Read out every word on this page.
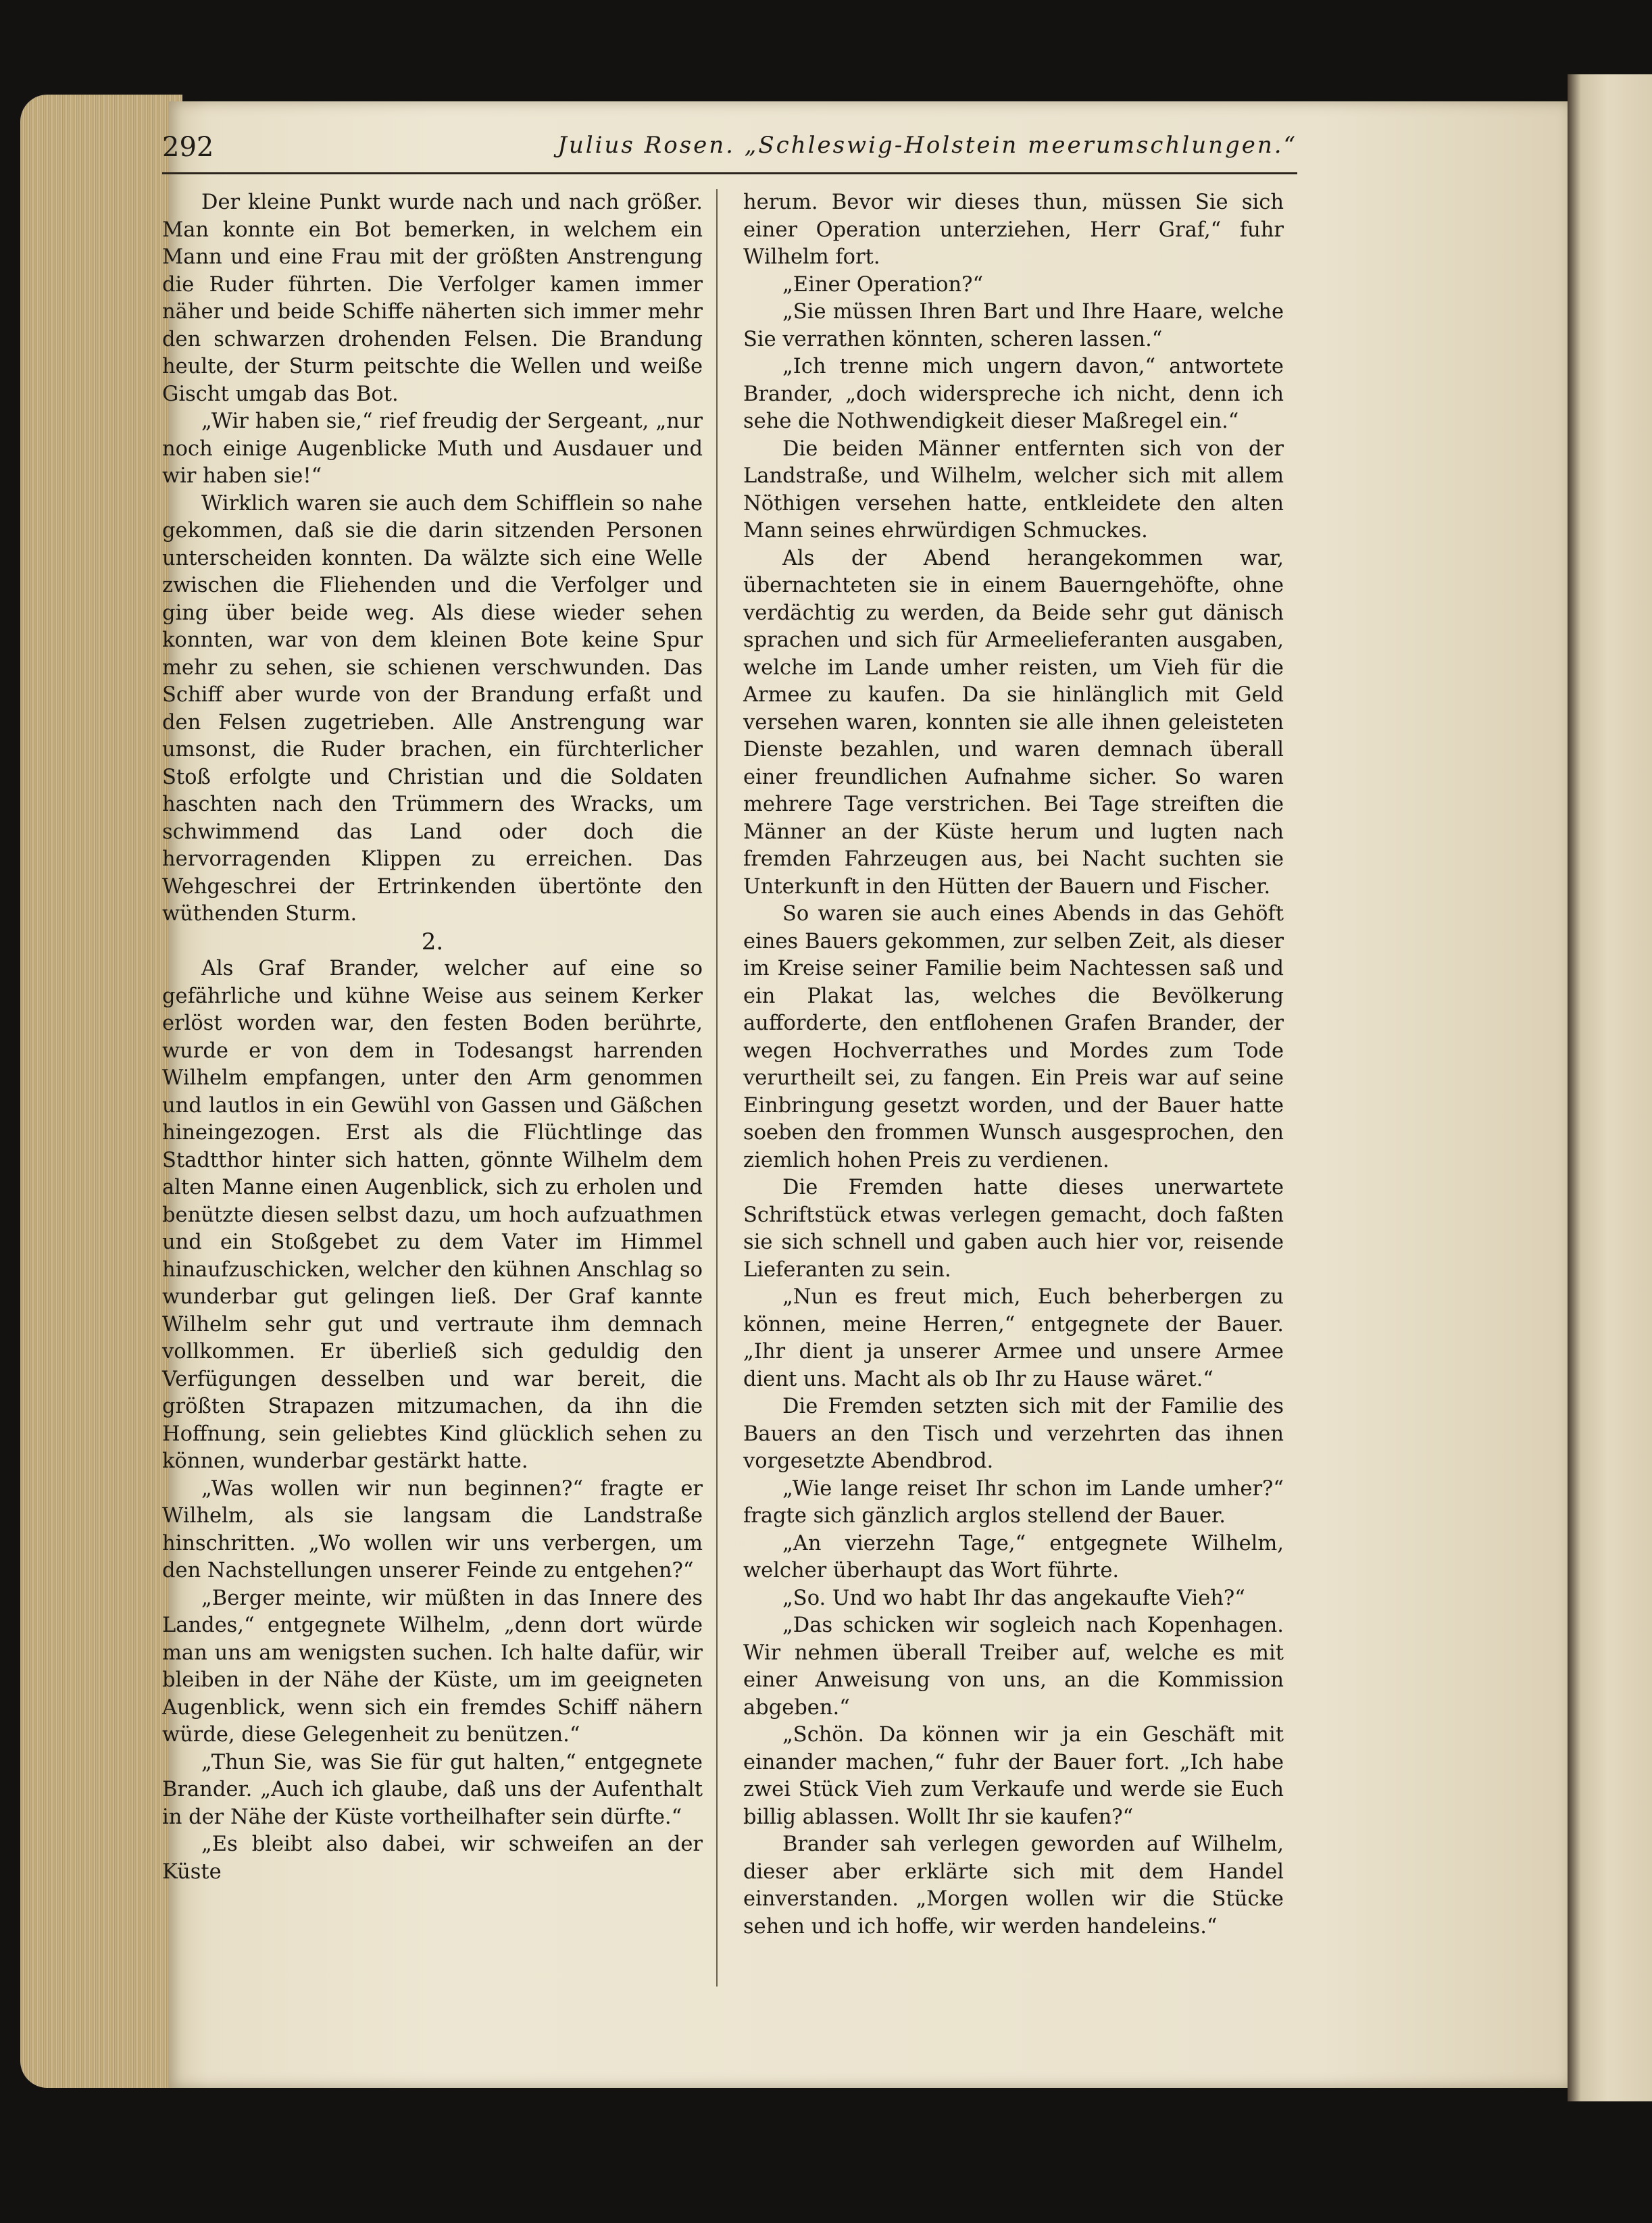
292	Julius Rosen. „Schleswig-Holstein meerumschlungen.“

Der kleine Punkt wurde nach und nach größer. Man konnte ein Bot bemerken, in welchem ein Mann und eine Frau mit der größten Anstrengung die Ruder führten. Die Verfolger kamen immer näher und beide Schiffe näherten sich immer mehr den schwarzen drohenden Felsen. Die Brandung heulte, der Sturm peitschte die Wellen und weiße Gischt umgab das Bot.

„Wir haben sie,“ rief freudig der Sergeant, „nur noch einige Augenblicke Muth und Ausdauer und wir haben sie!“

Wirklich waren sie auch dem Schifflein so nahe gekommen, daß sie die darin sitzenden Personen unterscheiden konnten. Da wälzte sich eine Welle zwischen die Fliehenden und die Verfolger und ging über beide weg. Als diese wieder sehen konnten, war von dem kleinen Bote keine Spur mehr zu sehen, sie schienen verschwunden. Das Schiff aber wurde von der Brandung erfaßt und den Felsen zugetrieben. Alle Anstrengung war umsonst, die Ruder brachen, ein fürchterlicher Stoß erfolgte und Christian und die Soldaten haschten nach den Trümmern des Wracks, um schwimmend das Land oder doch die hervorragenden Klippen zu erreichen. Das Wehgeschrei der Ertrinkenden übertönte den wüthenden Sturm.

2.

Als Graf Brander, welcher auf eine so gefährliche und kühne Weise aus seinem Kerker erlöst worden war, den festen Boden berührte, wurde er von dem in Todesangst harrenden Wilhelm empfangen, unter den Arm genommen und lautlos in ein Gewühl von Gassen und Gäßchen hineingezogen. Erst als die Flüchtlinge das Stadtthor hinter sich hatten, gönnte Wilhelm dem alten Manne einen Augenblick, sich zu erholen und benützte diesen selbst dazu, um hoch aufzuathmen und ein Stoßgebet zu dem Vater im Himmel hinaufzuschicken, welcher den kühnen Anschlag so wunderbar gut gelingen ließ. Der Graf kannte Wilhelm sehr gut und vertraute ihm demnach vollkommen. Er überließ sich geduldig den Verfügungen desselben und war bereit, die größten Strapazen mitzumachen, da ihn die Hoffnung, sein geliebtes Kind glücklich sehen zu können, wunderbar gestärkt hatte.

„Was wollen wir nun beginnen?“ fragte er Wilhelm, als sie langsam die Landstraße hinschritten. „Wo wollen wir uns verbergen, um den Nachstellungen unserer Feinde zu entgehen?“

„Berger meinte, wir müßten in das Innere des Landes,“ entgegnete Wilhelm, „denn dort würde man uns am wenigsten suchen. Ich halte dafür, wir bleiben in der Nähe der Küste, um im geeigneten Augenblick, wenn sich ein fremdes Schiff nähern würde, diese Gelegenheit zu benützen.“

„Thun Sie, was Sie für gut halten,“ entgegnete Brander. „Auch ich glaube, daß uns der Aufenthalt in der Nähe der Küste vortheilhafter sein dürfte.“

„Es bleibt also dabei, wir schweifen an der Küste

herum. Bevor wir dieses thun, müssen Sie sich einer Operation unterziehen, Herr Graf,“ fuhr Wilhelm fort.

„Einer Operation?“

„Sie müssen Ihren Bart und Ihre Haare, welche Sie verrathen könnten, scheren lassen.“

„Ich trenne mich ungern davon,“ antwortete Brander, „doch widerspreche ich nicht, denn ich sehe die Nothwendigkeit dieser Maßregel ein.“

Die beiden Männer entfernten sich von der Landstraße, und Wilhelm, welcher sich mit allem Nöthigen versehen hatte, entkleidete den alten Mann seines ehrwürdigen Schmuckes.

Als der Abend herangekommen war, übernachteten sie in einem Bauerngehöfte, ohne verdächtig zu werden, da Beide sehr gut dänisch sprachen und sich für Armeelieferanten ausgaben, welche im Lande umher reisten, um Vieh für die Armee zu kaufen. Da sie hinlänglich mit Geld versehen waren, konnten sie alle ihnen geleisteten Dienste bezahlen, und waren demnach überall einer freundlichen Aufnahme sicher. So waren mehrere Tage verstrichen. Bei Tage streiften die Männer an der Küste herum und lugten nach fremden Fahrzeugen aus, bei Nacht suchten sie Unterkunft in den Hütten der Bauern und Fischer.

So waren sie auch eines Abends in das Gehöft eines Bauers gekommen, zur selben Zeit, als dieser im Kreise seiner Familie beim Nachtessen saß und ein Plakat las, welches die Bevölkerung aufforderte, den entflohenen Grafen Brander, der wegen Hochverrathes und Mordes zum Tode verurtheilt sei, zu fangen. Ein Preis war auf seine Einbringung gesetzt worden, und der Bauer hatte soeben den frommen Wunsch ausgesprochen, den ziemlich hohen Preis zu verdienen.

Die Fremden hatte dieses unerwartete Schriftstück etwas verlegen gemacht, doch faßten sie sich schnell und gaben auch hier vor, reisende Lieferanten zu sein.

„Nun es freut mich, Euch beherbergen zu können, meine Herren,“ entgegnete der Bauer. „Ihr dient ja unserer Armee und unsere Armee dient uns. Macht als ob Ihr zu Hause wäret.“

Die Fremden setzten sich mit der Familie des Bauers an den Tisch und verzehrten das ihnen vorgesetzte Abendbrod.

„Wie lange reiset Ihr schon im Lande umher?“ fragte sich gänzlich arglos stellend der Bauer.

„An vierzehn Tage,“ entgegnete Wilhelm, welcher überhaupt das Wort führte.

„So. Und wo habt Ihr das angekaufte Vieh?“

„Das schicken wir sogleich nach Kopenhagen. Wir nehmen überall Treiber auf, welche es mit einer Anweisung von uns, an die Kommission abgeben.“

„Schön. Da können wir ja ein Geschäft mit einander machen,“ fuhr der Bauer fort. „Ich habe zwei Stück Vieh zum Verkaufe und werde sie Euch billig ablassen. Wollt Ihr sie kaufen?“

Brander sah verlegen geworden auf Wilhelm, dieser aber erklärte sich mit dem Handel einverstanden. „Morgen wollen wir die Stücke sehen und ich hoffe, wir werden handeleins.“
